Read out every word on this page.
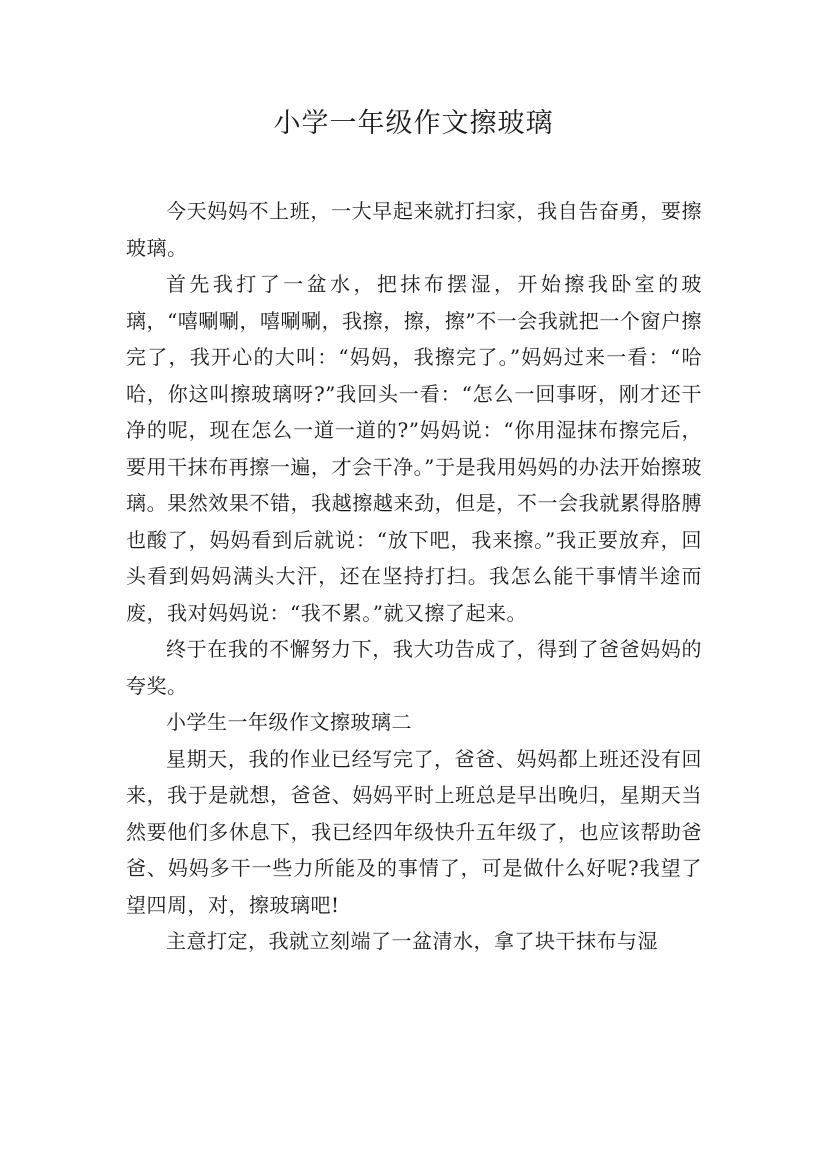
小学一年级作文擦玻璃

今天妈妈不上班，一大早起来就打扫家，我自告奋勇，要擦玻璃。

首先我打了一盆水，把抹布摆湿，开始擦我卧室的玻璃，“嘻唰唰，嘻唰唰，我擦，擦，擦”不一会我就把一个窗户擦完了，我开心的大叫：“妈妈，我擦完了。”妈妈过来一看：“哈哈，你这叫擦玻璃呀?”我回头一看：“怎么一回事呀，刚才还干净的呢，现在怎么一道一道的?”妈妈说：“你用湿抹布擦完后，要用干抹布再擦一遍，才会干净。”于是我用妈妈的办法开始擦玻璃。果然效果不错，我越擦越来劲，但是，不一会我就累得胳膊也酸了，妈妈看到后就说：“放下吧，我来擦。”我正要放弃，回头看到妈妈满头大汗，还在坚持打扫。我怎么能干事情半途而废，我对妈妈说：“我不累。”就又擦了起来。

终于在我的不懈努力下，我大功告成了，得到了爸爸妈妈的夸奖。

小学生一年级作文擦玻璃二

星期天，我的作业已经写完了，爸爸、妈妈都上班还没有回来，我于是就想，爸爸、妈妈平时上班总是早出晚归，星期天当然要他们多休息下，我已经四年级快升五年级了，也应该帮助爸爸、妈妈多干一些力所能及的事情了，可是做什么好呢?我望了望四周，对，擦玻璃吧!

主意打定，我就立刻端了一盆清水，拿了块干抹布与湿
